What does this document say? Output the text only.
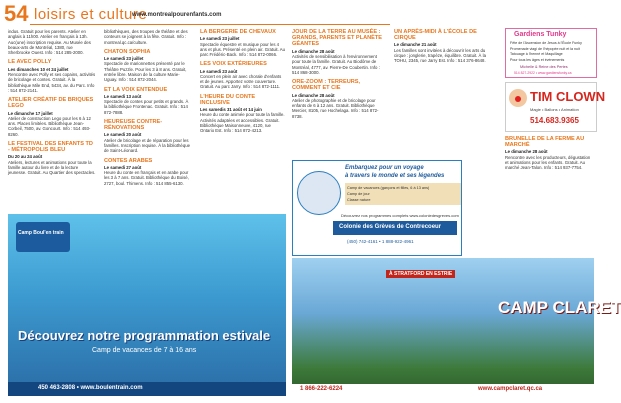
54 loisirs et culture
www.montrealpourenfants.com

indus. Gratuit pour les parents. Atelier en anglais à 11h00. Atelier en français à 13h. Auc(une) inscription requise. Au Musée des beaux-arts de Montréal, 1380, rue Sherbrooke Ouest. Info : 514 285-2000.

LE AVEC POLLY

Les dimanches 10 et 24 juillet

Rencontre avec Polly et ses copains, activités de bricolage et contes. Gratuit. À la bibliothèque Mile End, 5434, av. du Parc. Info : 514 872-2141.

ATELIER CRÉATIF DE BRIQUES LEGO

Le dimanche 17 juillet

Atelier de construction Lego pour les 6 à 12 ans. Places limitées. Bibliothèque Jean-Corbeil, 7500, av. Goncourt. Info : 514 493-8260.

LE FESTIVAL DES ENFANTS TD - MÉTROPOLIS BLEU

Du 20 au 24 août

Ateliers, lectures et animations pour toute la famille autour du livre et de la lecture jeunesse. Gratuit. Au Quartier des spectacles.

bibliothèques, des troupes de théâtre et des conteurs se joignent à la fête. Gratuit. Info : montreal.qc.ca/culture.

CHATON SOPHIA

Le samedi 23 juillet

Spectacle de marionnettes présenté par le Théâtre Puzzle. Pour les 3 à 8 ans. Gratuit, entrée libre. Maison de la culture Marie-Uguay. Info : 514 872-2044.

ET LA VOIX ENTENDUE

Le samedi 13 août

Spectacle de contes pour petits et grands. À la bibliothèque Frontenac. Gratuit. Info : 514 872-7888.

HEUREUSE CONTRE-RÉNOVATIONS

Le samedi 20 août

Atelier de bricolage et de réparation pour les familles. Inscription requise. À la bibliothèque de Saint-Léonard.

CONTES ARABES

Le samedi 27 août

Heure du conte en français et en arabe pour les 3 à 7 ans. Gratuit. Bibliothèque du Boisé, 2727, boul. Thimens. Info : 514 855-6130.

LA BERGERIE DE CHEVAUX

Le samedi 23 juillet

Spectacle équestre et musique pour les 4 ans et plus. Présenté en plein air. Gratuit. Au parc Frédéric-Back. Info : 514 872-0066.

LES VOIX EXTÉRIEURES

Le samedi 23 août

Concert en plein air avec chorale d'enfants et de jeunes. Apportez votre couverture. Gratuit. Au parc Jarry. Info : 514 872-1111.

L'HEURE DU CONTE INCLUSIVE

Les samedis 31 août et 14 juin

Heure du conte animée pour toute la famille. Activités adaptées et accessibles. Gratuit. Bibliothèque Maisonneuve, 4120, rue Ontario Est. Info : 514 872-4213.

JOUR DE LA TERRE AU MUSÉE : GRANDS, PARENTS ET PLANÈTE GÉANTES

Le dimanche 28 août

Activités de sensibilisation à l'environnement pour toute la famille. Gratuit. Au Biodôme de Montréal, 4777, av. Pierre-De Coubertin. Info : 514 868-3000.

ORE-ZOOM : TERREURS, COMMENT ET CIE

Le dimanche 28 août

Atelier de photographie et de bricolage pour enfants de 6 à 12 ans. Gratuit. Bibliothèque Mercier, 8105, rue Hochelaga. Info : 514 872-8738.

BRUNELLE DE LA FERME AU MARCHÉ

Le dimanche 28 août

Rencontre avec les producteurs, dégustation et animations pour les enfants. Gratuit. Au marché Jean-Talon. Info : 514 937-7754.

UN APRÈS-MIDI À L'ÉCOLE DE CIRQUE

Le dimanche 21 août

Les familles sont invitées à découvrir les arts du cirque : jonglerie, trapèze, équilibre. Gratuit. À la TOHU, 2345, rue Jarry Est. Info : 514 376-8648.

Gardiens Tunky
Fête de l'Ascension de Jesus à l'École Funky
Promenade viagi de l'hépopée nuit et la nuit
Tatouage à l'henné et Maquillage
Pour tous les âges et événements
Michelle & Reine des Pertes
514 827-2922 • www.gardiensfunky.ca
TIM CLOWN
Magie • Ballons • Animation
514.683.9365
Camp Boul'en train
Découvrez notre programmation estivale
Camp de vacances de 7 à 16 ans
450 463-2808 • www.boulentrain.com
Embarquez pour un voyage
à travers le monde et ses légendes
Camp de vacances (garçons et filles, 6 à 13 ans)
Camp de jour
Classe nature
Découvrez nos programmes complets www.coloniedesgreves.com
Colonie des Grèves de Contrecoeur
(450) 742-4161 • 1 888-922-4961
À STRATFORD EN ESTRIE
CAMP CLARET
www.campclaret.qc.ca
1 866-222-6224
